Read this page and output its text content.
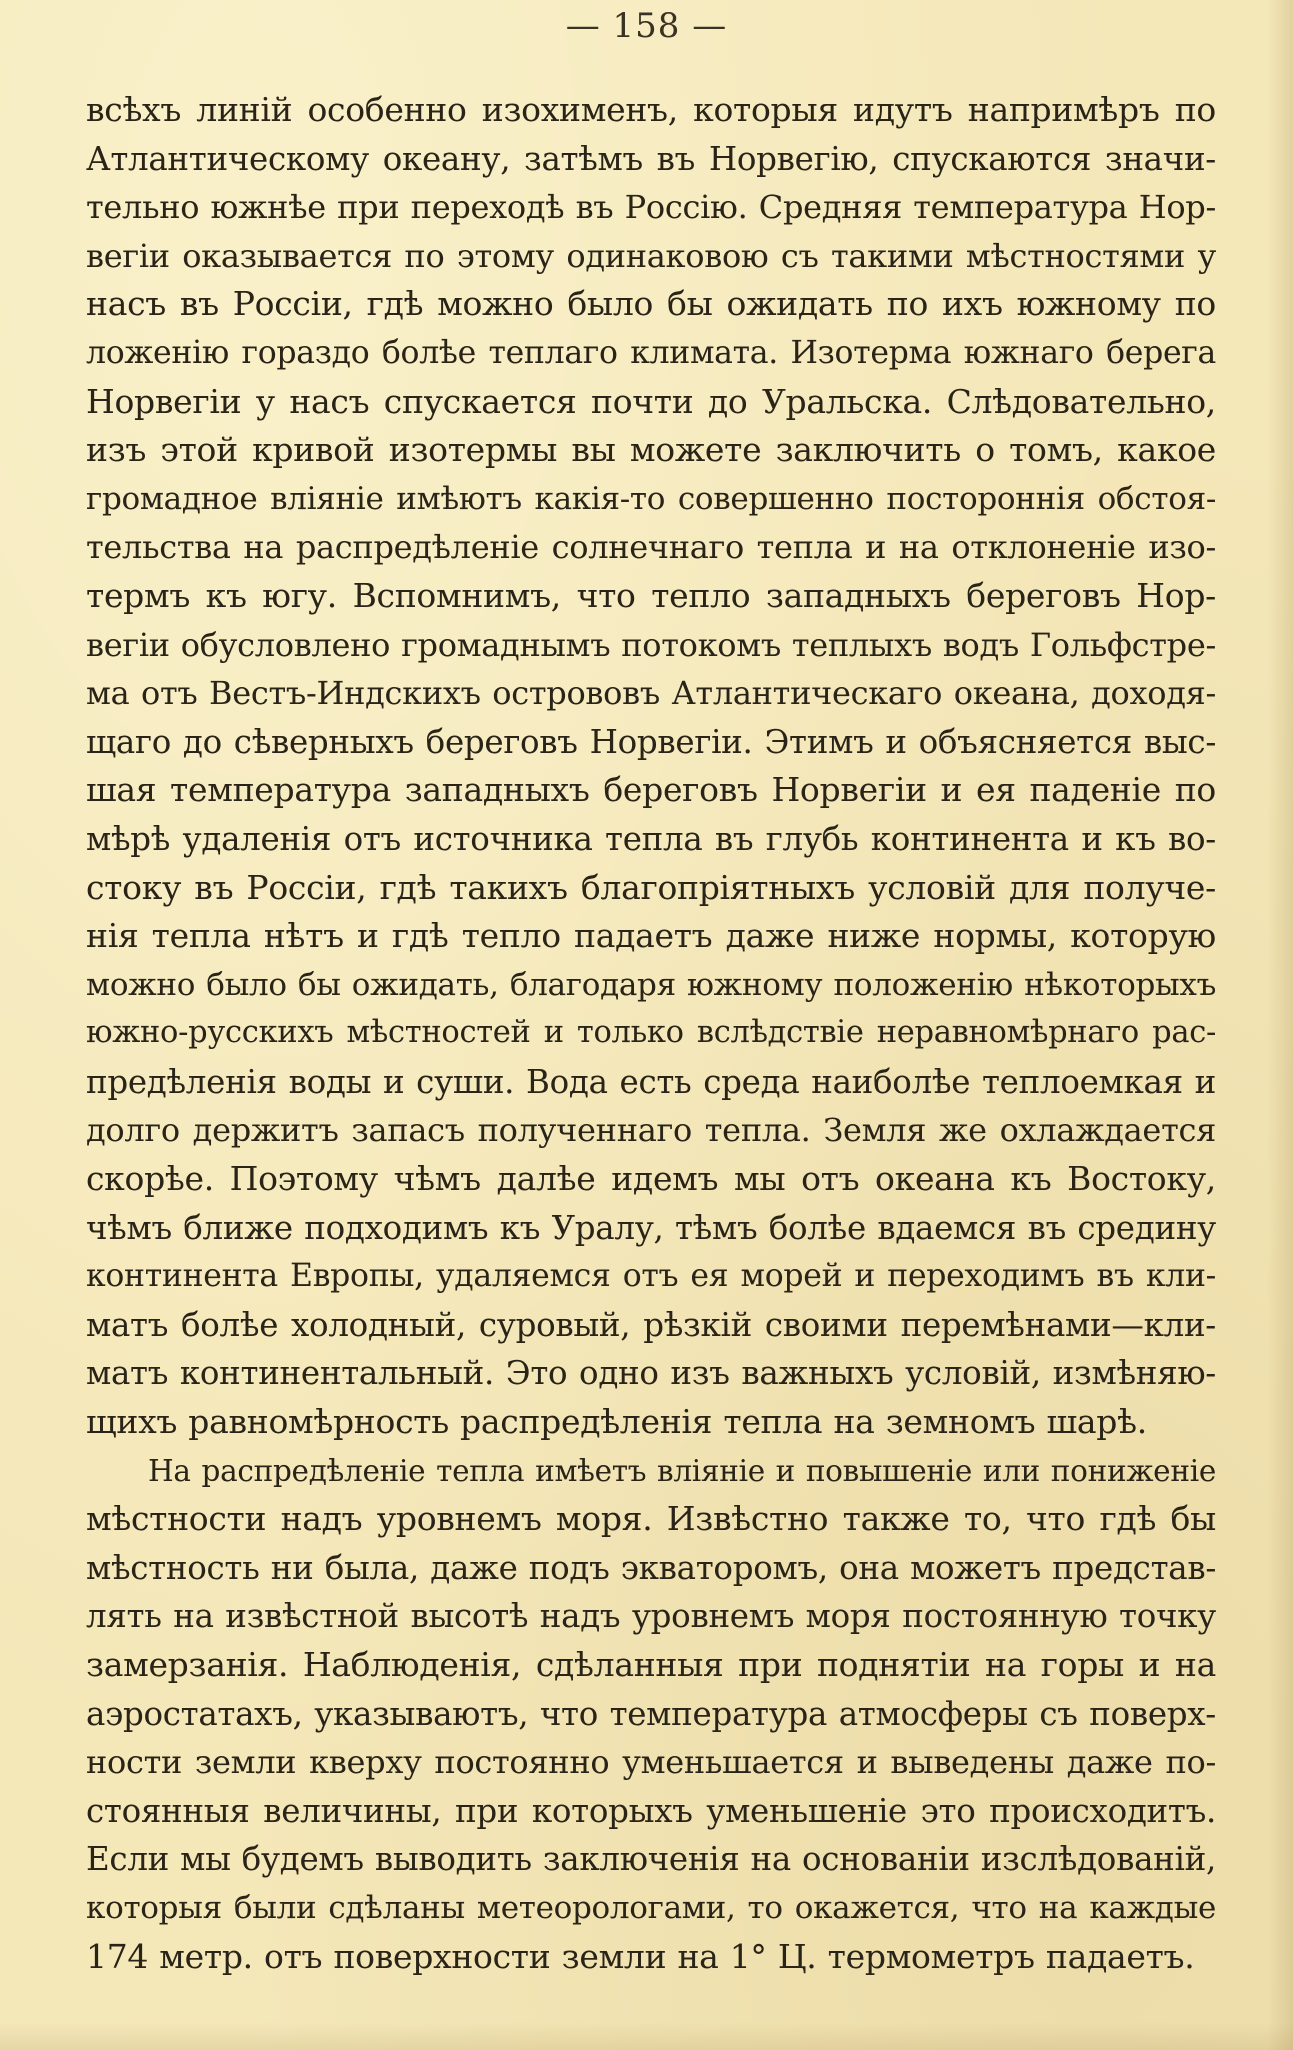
— 158 —
всѣхъ линій особенно изохименъ, которыя идутъ напримѣръ по
Атлантическому океану, затѣмъ въ Норвегію, спускаются значи-
тельно южнѣе при переходѣ въ Россію. Средняя температура Нор-
вегіи оказывается по этому одинаковою съ такими мѣстностями у
насъ въ Россіи, гдѣ можно было бы ожидать по ихъ южному по
ложенію гораздо болѣе теплаго климата. Изотерма южнаго берега
Норвегіи у насъ спускается почти до Уральска. Слѣдовательно,
изъ этой кривой изотермы вы можете заключить о томъ, какое
громадное вліяніе имѣютъ какія-то совершенно постороннія обстоя-
тельства на распредѣленіе солнечнаго тепла и на отклоненіе изо-
термъ къ югу. Вспомнимъ, что тепло западныхъ береговъ Нор-
вегіи обусловлено громаднымъ потокомъ теплыхъ водъ Гольфстре-
ма отъ Вестъ-Индскихъ острововъ Атлантическаго океана, доходя-
щаго до сѣверныхъ береговъ Норвегіи. Этимъ и объясняется выс-
шая температура западныхъ береговъ Норвегіи и ея паденіе по
мѣрѣ удаленія отъ источника тепла въ глубь континента и къ во-
стоку въ Россіи, гдѣ такихъ благопріятныхъ условій для получе-
нія тепла нѣтъ и гдѣ тепло падаетъ даже ниже нормы, которую
можно было бы ожидать, благодаря южному положенію нѣкоторыхъ
южно-русскихъ мѣстностей и только вслѣдствіе неравномѣрнаго рас-
предѣленія воды и суши. Вода есть среда наиболѣе теплоемкая и
долго держитъ запасъ полученнаго тепла. Земля же охлаждается
скорѣе. Поэтому чѣмъ далѣе идемъ мы отъ океана къ Востоку,
чѣмъ ближе подходимъ къ Уралу, тѣмъ болѣе вдаемся въ средину
континента Европы, удаляемся отъ ея морей и переходимъ въ кли-
матъ болѣе холодный, суровый, рѣзкій своими перемѣнами—кли-
матъ континентальный. Это одно изъ важныхъ условій, измѣняю-
щихъ равномѣрность распредѣленія тепла на земномъ шарѣ.
На распредѣленіе тепла имѣетъ вліяніе и повышеніе или пониженіе
мѣстности надъ уровнемъ моря. Извѣстно также то, что гдѣ бы
мѣстность ни была, даже подъ экваторомъ, она можетъ представ-
лять на извѣстной высотѣ надъ уровнемъ моря постоянную точку
замерзанія. Наблюденія, сдѣланныя при поднятіи на горы и на
аэростатахъ, указываютъ, что температура атмосферы съ поверх-
ности земли кверху постоянно уменьшается и выведены даже по-
стоянныя величины, при которыхъ уменьшеніе это происходитъ.
Если мы будемъ выводить заключенія на основаніи изслѣдованій,
которыя были сдѣланы метеорологами, то окажется, что на каждые
174 метр. отъ поверхности земли на 1° Ц. термометръ падаетъ.
